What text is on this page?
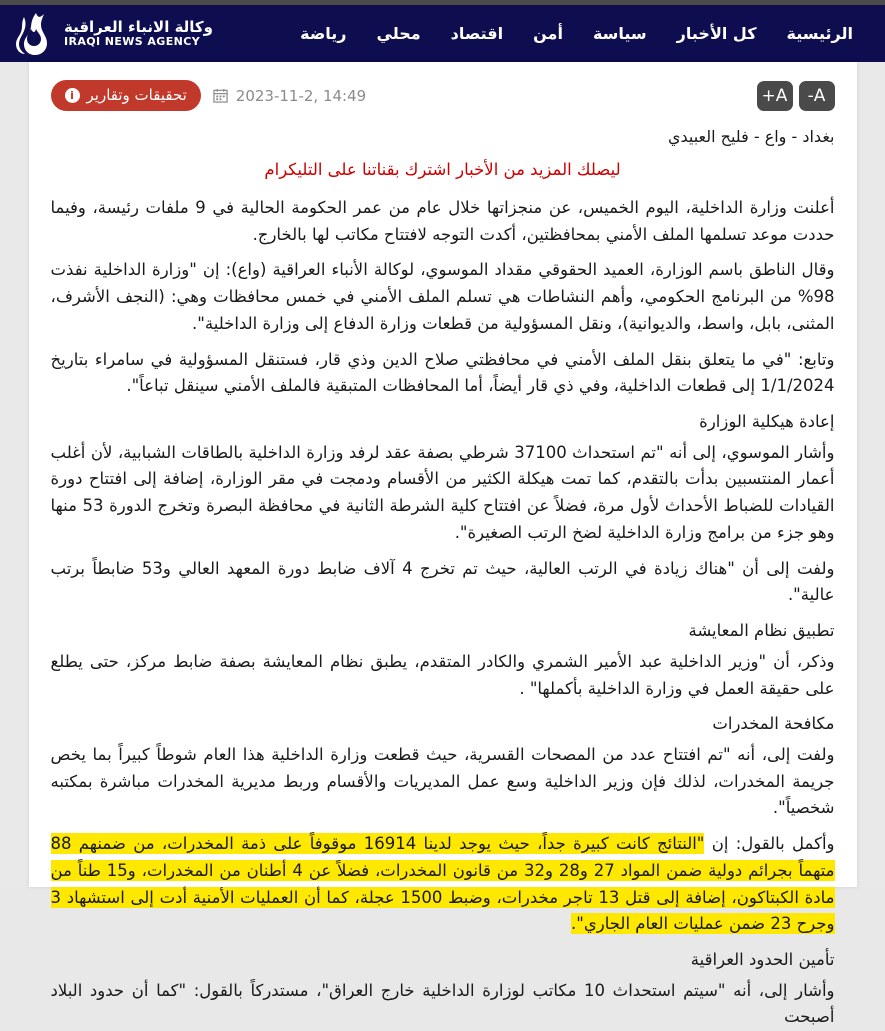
الرئيسية
كل الأخبار
سياسة
أمن
اقتصاد
محلي
رياضة
وكالة الانباء العراقية
IRAQI NEWS AGENCY
i تحقيقات وتقارير	2023-11-2, 14:49	A-
A+
بغداد - واع - فليح العبيدي
ليصلك المزيد من الأخبار اشترك بقناتنا على التليكرام

أعلنت وزارة الداخلية، اليوم الخميس، عن منجزاتها خلال عام من عمر الحكومة الحالية في 9 ملفات رئيسة، وفيما حددت موعد تسلمها الملف الأمني بمحافظتين، أكدت التوجه لافتتاح مكاتب لها بالخارج.

وقال الناطق باسم الوزارة، العميد الحقوقي مقداد الموسوي، لوكالة الأنباء العراقية (واع): إن "وزارة الداخلية نفذت 98% من البرنامج الحكومي، وأهم النشاطات هي تسلم الملف الأمني في خمس محافظات وهي: (النجف الأشرف، المثنى، بابل، واسط، والديوانية)، ونقل المسؤولية من قطعات وزارة الدفاع إلى وزارة الداخلية".

وتابع: "في ما يتعلق بنقل الملف الأمني في محافظتي صلاح الدين وذي قار، فستنقل المسؤولية في سامراء بتاريخ 1/1/2024 إلى قطعات الداخلية، وفي ذي قار أيضاً، أما المحافظات المتبقية فالملف الأمني سينقل تباعاً".

إعادة هيكلية الوزارة

وأشار الموسوي، إلى أنه "تم استحداث 37100 شرطي بصفة عقد لرفد وزارة الداخلية بالطاقات الشبابية، لأن أغلب أعمار المنتسبين بدأت بالتقدم، كما تمت هيكلة الكثير من الأقسام ودمجت في مقر الوزارة، إضافة إلى افتتاح دورة القيادات للضباط الأحداث لأول مرة، فضلاً عن افتتاح كلية الشرطة الثانية في محافظة البصرة وتخرج الدورة 53 منها وهو جزء من برامج وزارة الداخلية لضخ الرتب الصغيرة".

ولفت إلى أن "هناك زيادة في الرتب العالية، حيث تم تخرج 4 آلاف ضابط دورة المعهد العالي و53 ضابطاً برتب عالية".

تطبيق نظام المعايشة

وذكر، أن "وزير الداخلية عبد الأمير الشمري والكادر المتقدم، يطبق نظام المعايشة بصفة ضابط مركز، حتى يطلع على حقيقة العمل في وزارة الداخلية بأكملها" .

مكافحة المخدرات

ولفت إلى، أنه "تم افتتاح عدد من المصحات القسرية، حيث قطعت وزارة الداخلية هذا العام شوطاً كبيراً بما يخص جريمة المخدرات، لذلك فإن وزير الداخلية وسع عمل المديريات والأقسام وربط مديرية المخدرات مباشرة بمكتبه شخصياً".

وأكمل بالقول: إن "النتائج كانت كبيرة جداً، حيث يوجد لدينا 16914 موقوفاً على ذمة المخدرات، من ضمنهم 88 متهماً بجرائم دولية ضمن المواد 27 و28 و32 من قانون المخدرات، فضلاً عن 4 أطنان من المخدرات، و15 طناً من مادة الكبتاكون، إضافة إلى قتل 13 تاجر مخدرات، وضبط 1500 عجلة، كما أن العمليات الأمنية أدت إلى استشهاد 3 وجرح 23 ضمن عمليات العام الجاري".

تأمين الحدود العراقية

وأشار إلى، أنه "سيتم استحداث 10 مكاتب لوزارة الداخلية خارج العراق"، مستدركاً بالقول: "كما أن حدود البلاد أصبحت
